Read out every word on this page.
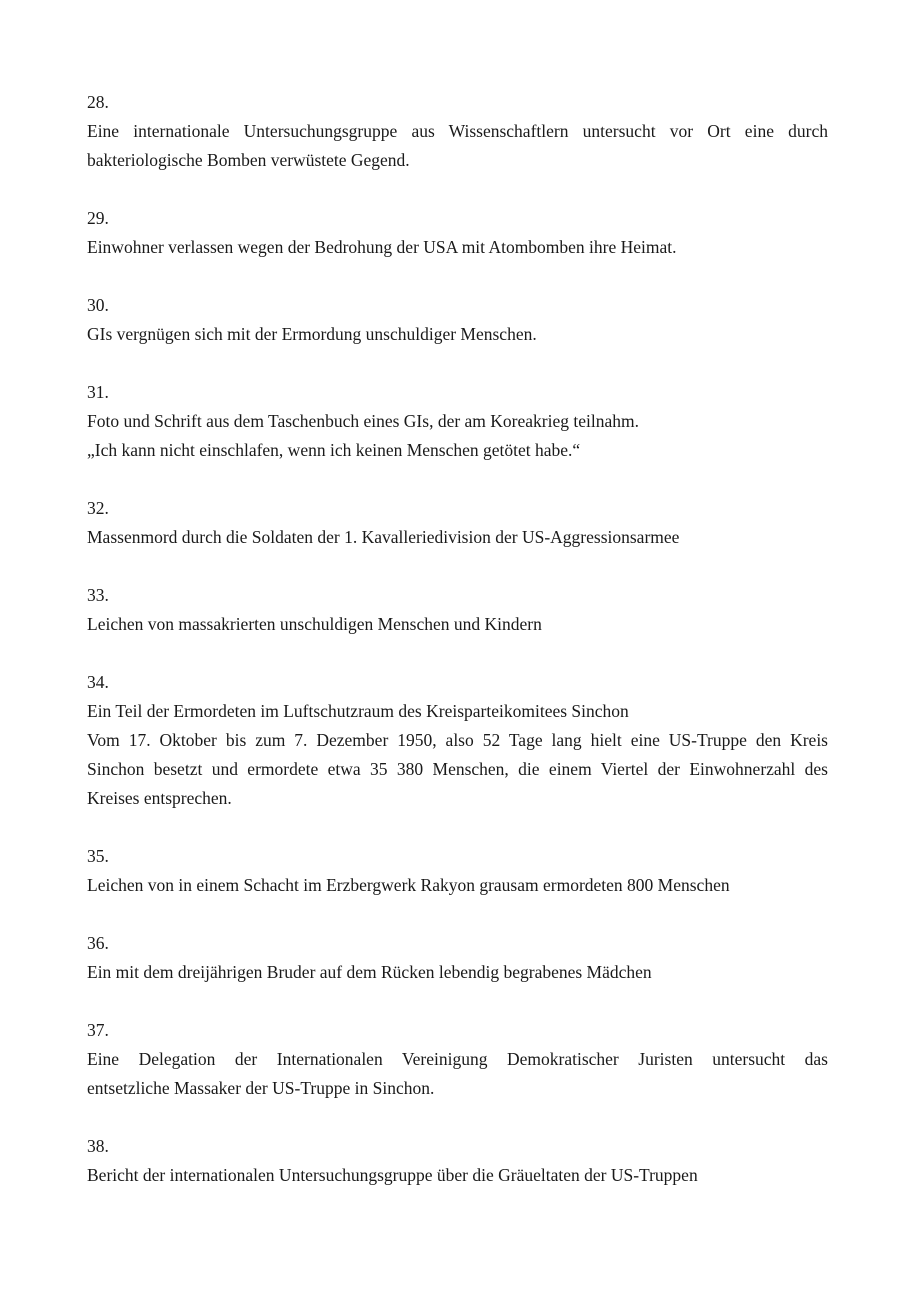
28.
Eine internationale Untersuchungsgruppe aus Wissenschaftlern untersucht vor Ort eine durch
bakteriologische Bomben verwüstete Gegend.
29.
Einwohner verlassen wegen der Bedrohung der USA mit Atombomben ihre Heimat.
30.
GIs vergnügen sich mit der Ermordung unschuldiger Menschen.
31.
Foto und Schrift aus dem Taschenbuch eines GIs, der am Koreakrieg teilnahm.
„Ich kann nicht einschlafen, wenn ich keinen Menschen getötet habe.“
32.
Massenmord durch die Soldaten der 1. Kavalleriedivision der US-Aggressionsarmee
33.
Leichen von massakrierten unschuldigen Menschen und Kindern
34.
Ein Teil der Ermordeten im Luftschutzraum des Kreisparteikomitees Sinchon
Vom 17. Oktober bis zum 7. Dezember 1950, also 52 Tage lang hielt eine US-Truppe den Kreis
Sinchon besetzt und ermordete etwa 35 380 Menschen, die einem Viertel der Einwohnerzahl des
Kreises entsprechen.
35.
Leichen von in einem Schacht im Erzbergwerk Rakyon grausam ermordeten 800 Menschen
36.
Ein mit dem dreijährigen Bruder auf dem Rücken lebendig begrabenes Mädchen
37.
Eine Delegation der Internationalen Vereinigung Demokratischer Juristen untersucht das
entsetzliche Massaker der US-Truppe in Sinchon.
38.
Bericht der internationalen Untersuchungsgruppe über die Gräueltaten der US-Truppen
